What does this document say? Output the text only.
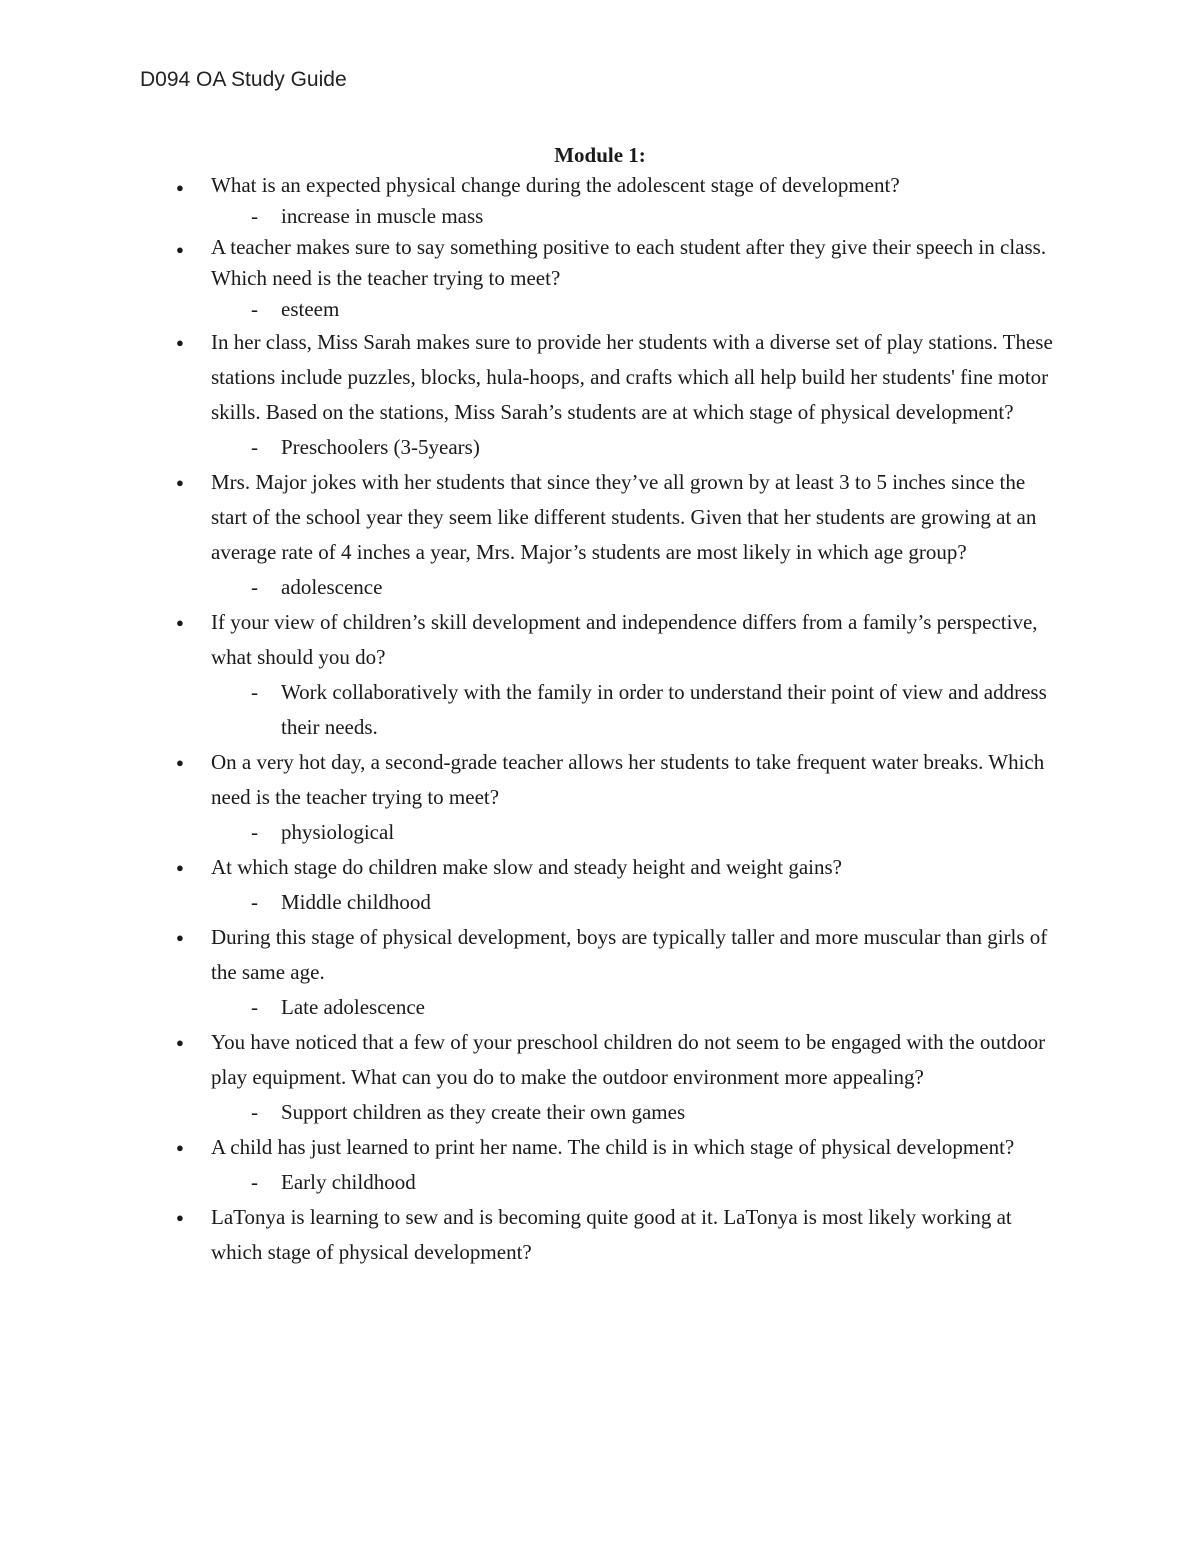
D094 OA Study Guide
Module 1:
● What is an expected physical change during the adolescent stage of development?
- increase in muscle mass
● A teacher makes sure to say something positive to each student after they give their speech in class. Which need is the teacher trying to meet?
- esteem
● In her class, Miss Sarah makes sure to provide her students with a diverse set of play stations. These stations include puzzles, blocks, hula-hoops, and crafts which all help build her students' fine motor skills. Based on the stations, Miss Sarah’s students are at which stage of physical development?
- Preschoolers (3-5years)
● Mrs. Major jokes with her students that since they’ve all grown by at least 3 to 5 inches since the start of the school year they seem like different students. Given that her students are growing at an average rate of 4 inches a year, Mrs. Major’s students are most likely in which age group?
- adolescence
● If your view of children’s skill development and independence differs from a family’s perspective, what should you do?
- Work collaboratively with the family in order to understand their point of view and address their needs.
● On a very hot day, a second-grade teacher allows her students to take frequent water breaks. Which need is the teacher trying to meet?
- physiological
● At which stage do children make slow and steady height and weight gains?
- Middle childhood
● During this stage of physical development, boys are typically taller and more muscular than girls of the same age.
- Late adolescence
● You have noticed that a few of your preschool children do not seem to be engaged with the outdoor play equipment. What can you do to make the outdoor environment more appealing?
- Support children as they create their own games
● A child has just learned to print her name. The child is in which stage of physical development?
- Early childhood
● LaTonya is learning to sew and is becoming quite good at it. LaTonya is most likely working at which stage of physical development?
